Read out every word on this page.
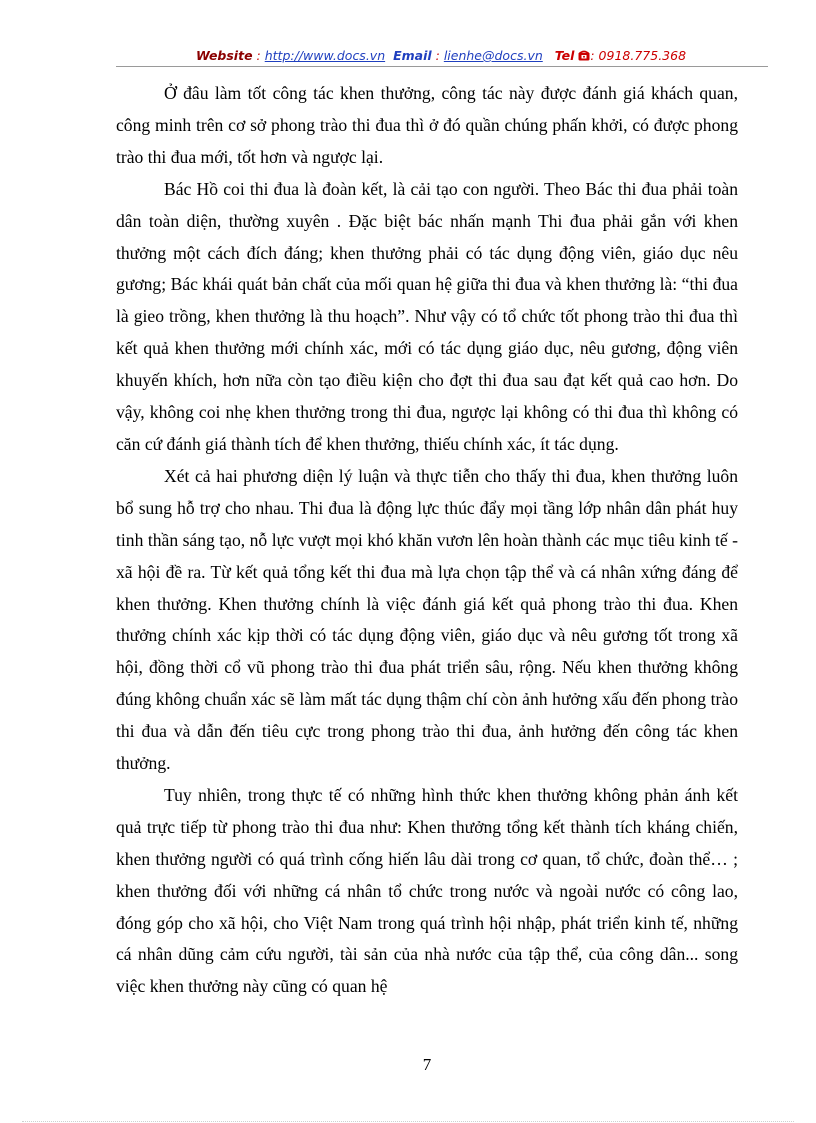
Website : http://www.docs.vn Email : lienhe@docs.vn Tel : 0918.775.368

Ở đâu làm tốt công tác khen thưởng, công tác này được đánh giá khách quan, công minh trên cơ sở phong trào thi đua thì ở đó quần chúng phấn khởi, có được phong trào thi đua mới, tốt hơn và ngược lại.

Bác Hồ coi thi đua là đoàn kết, là cải tạo con người. Theo Bác thi đua phải toàn dân toàn diện, thường xuyên . Đặc biệt bác nhấn mạnh Thi đua phải gắn với khen thưởng một cách đích đáng; khen thưởng phải có tác dụng động viên, giáo dục nêu gương; Bác khái quát bản chất của mối quan hệ giữa thi đua và khen thưởng là: “thi đua là gieo trồng, khen thưởng là thu hoạch”. Như vậy có tổ chức tốt phong trào thi đua thì kết quả khen thưởng mới chính xác, mới có tác dụng giáo dục, nêu gương, động viên khuyến khích, hơn nữa còn tạo điều kiện cho đợt thi đua sau đạt kết quả cao hơn. Do vậy, không coi nhẹ khen thưởng trong thi đua, ngược lại không có thi đua thì không có căn cứ đánh giá thành tích để khen thưởng, thiếu chính xác, ít tác dụng.

Xét cả hai phương diện lý luận và thực tiễn cho thấy thi đua, khen thưởng luôn bổ sung hỗ trợ cho nhau. Thi đua là động lực thúc đẩy mọi tầng lớp nhân dân phát huy tinh thần sáng tạo, nỗ lực vượt mọi khó khăn vươn lên hoàn thành các mục tiêu kinh tế - xã hội đề ra. Từ kết quả tổng kết thi đua mà lựa chọn tập thể và cá nhân xứng đáng để khen thưởng. Khen thưởng chính là việc đánh giá kết quả phong trào thi đua. Khen thưởng chính xác kịp thời có tác dụng động viên, giáo dục và nêu gương tốt trong xã hội, đồng thời cổ vũ phong trào thi đua phát triển sâu, rộng. Nếu khen thưởng không đúng không chuẩn xác sẽ làm mất tác dụng thậm chí còn ảnh hưởng xấu đến phong trào thi đua và dẫn đến tiêu cực trong phong trào thi đua, ảnh hưởng đến công tác khen thưởng.

Tuy nhiên, trong thực tế có những hình thức khen thưởng không phản ánh kết quả trực tiếp từ phong trào thi đua như: Khen thưởng tổng kết thành tích kháng chiến, khen thưởng người có quá trình cống hiến lâu dài trong cơ quan, tổ chức, đoàn thể… ; khen thưởng đối với những cá nhân tổ chức trong nước và ngoài nước có công lao, đóng góp cho xã hội, cho Việt Nam trong quá trình hội nhập, phát triển kinh tế, những cá nhân dũng cảm cứu người, tài sản của nhà nước của tập thể, của công dân... song việc khen thưởng này cũng có quan hệ

7
